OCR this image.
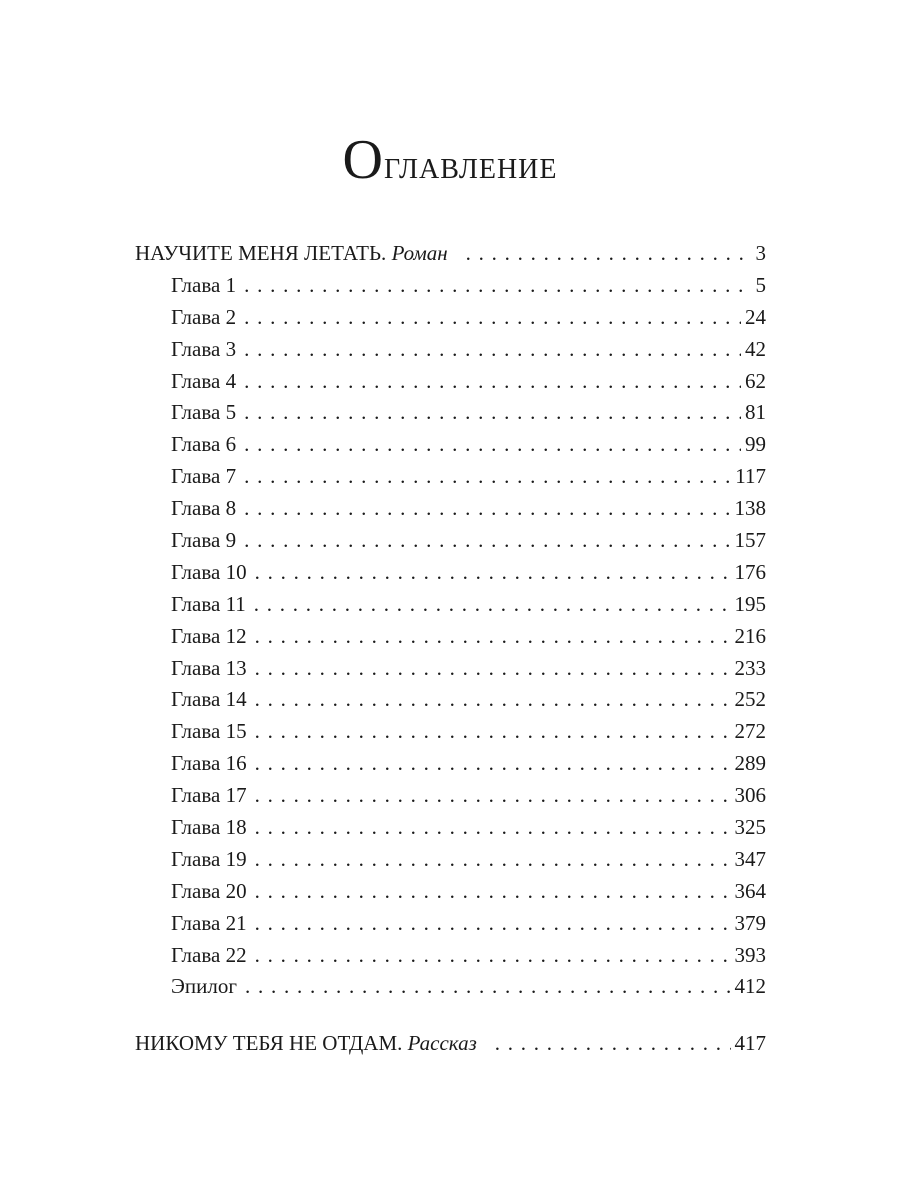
Оглавление
НАУЧИТЕ МЕНЯ ЛЕТАТЬ. Роман . . .	3
Глава 1 . . .	5
Глава 2 . . .	24
Глава 3 . . .	42
Глава 4 . . .	62
Глава 5 . . .	81
Глава 6 . . .	99
Глава 7 . . .	117
Глава 8 . . .	138
Глава 9 . . .	157
Глава 10 . . .	176
Глава 11 . . .	195
Глава 12 . . .	216
Глава 13 . . .	233
Глава 14 . . .	252
Глава 15 . . .	272
Глава 16 . . .	289
Глава 17 . . .	306
Глава 18 . . .	325
Глава 19 . . .	347
Глава 20 . . .	364
Глава 21 . . .	379
Глава 22 . . .	393
Эпилог . . .	412
НИКОМУ ТЕБЯ НЕ ОТДАМ. Рассказ . . .	417
